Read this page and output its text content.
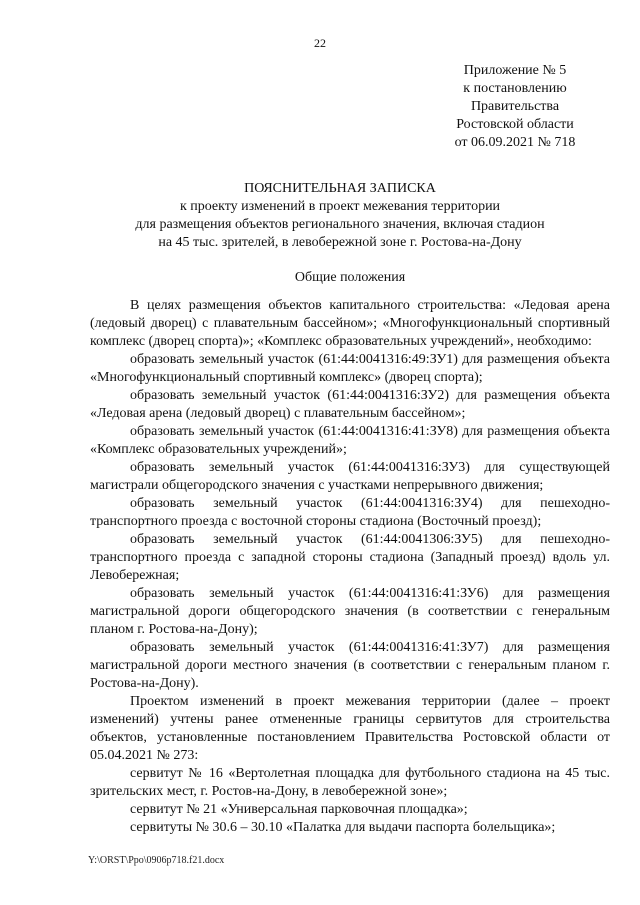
22
Приложение № 5
к постановлению
Правительства
Ростовской области
от 06.09.2021 № 718
ПОЯСНИТЕЛЬНАЯ ЗАПИСКА
к проекту изменений в проект межевания территории
для размещения объектов регионального значения, включая стадион
на 45 тыс. зрителей, в левобережной зоне г. Ростова-на-Дону
Общие положения

В целях размещения объектов капитального строительства: «Ледовая арена (ледовый дворец) с плавательным бассейном»; «Многофункциональный спортивный комплекс (дворец спорта)»; «Комплекс образовательных учреждений», необходимо:

образовать земельный участок (61:44:0041316:49:ЗУ1) для размещения объекта «Многофункциональный спортивный комплекс» (дворец спорта);

образовать земельный участок (61:44:0041316:ЗУ2) для размещения объекта «Ледовая арена (ледовый дворец) с плавательным бассейном»;

образовать земельный участок (61:44:0041316:41:ЗУ8) для размещения объекта «Комплекс образовательных учреждений»;

образовать земельный участок (61:44:0041316:ЗУ3) для существующей магистрали общегородского значения с участками непрерывного движения;

образовать земельный участок (61:44:0041316:ЗУ4) для пешеходно-транспортного проезда с восточной стороны стадиона (Восточный проезд);

образовать земельный участок (61:44:0041306:ЗУ5) для пешеходно-транспортного проезда с западной стороны стадиона (Западный проезд) вдоль ул. Левобережная;

образовать земельный участок (61:44:0041316:41:ЗУ6) для размещения магистральной дороги общегородского значения (в соответствии с генеральным планом г. Ростова-на-Дону);

образовать земельный участок (61:44:0041316:41:ЗУ7) для размещения магистральной дороги местного значения (в соответствии с генеральным планом г. Ростова-на-Дону).

Проектом изменений в проект межевания территории (далее – проект изменений) учтены ранее отмененные границы сервитутов для строительства объектов, установленные постановлением Правительства Ростовской области от 05.04.2021 № 273:

сервитут № 16 «Вертолетная площадка для футбольного стадиона на 45 тыс. зрительских мест, г. Ростов-на-Дону, в левобережной зоне»;

сервитут № 21 «Универсальная парковочная площадка»;

сервитуты № 30.6 – 30.10 «Палатка для выдачи паспорта болельщика»;

Y:\ORST\Ppo\0906p718.f21.docx
